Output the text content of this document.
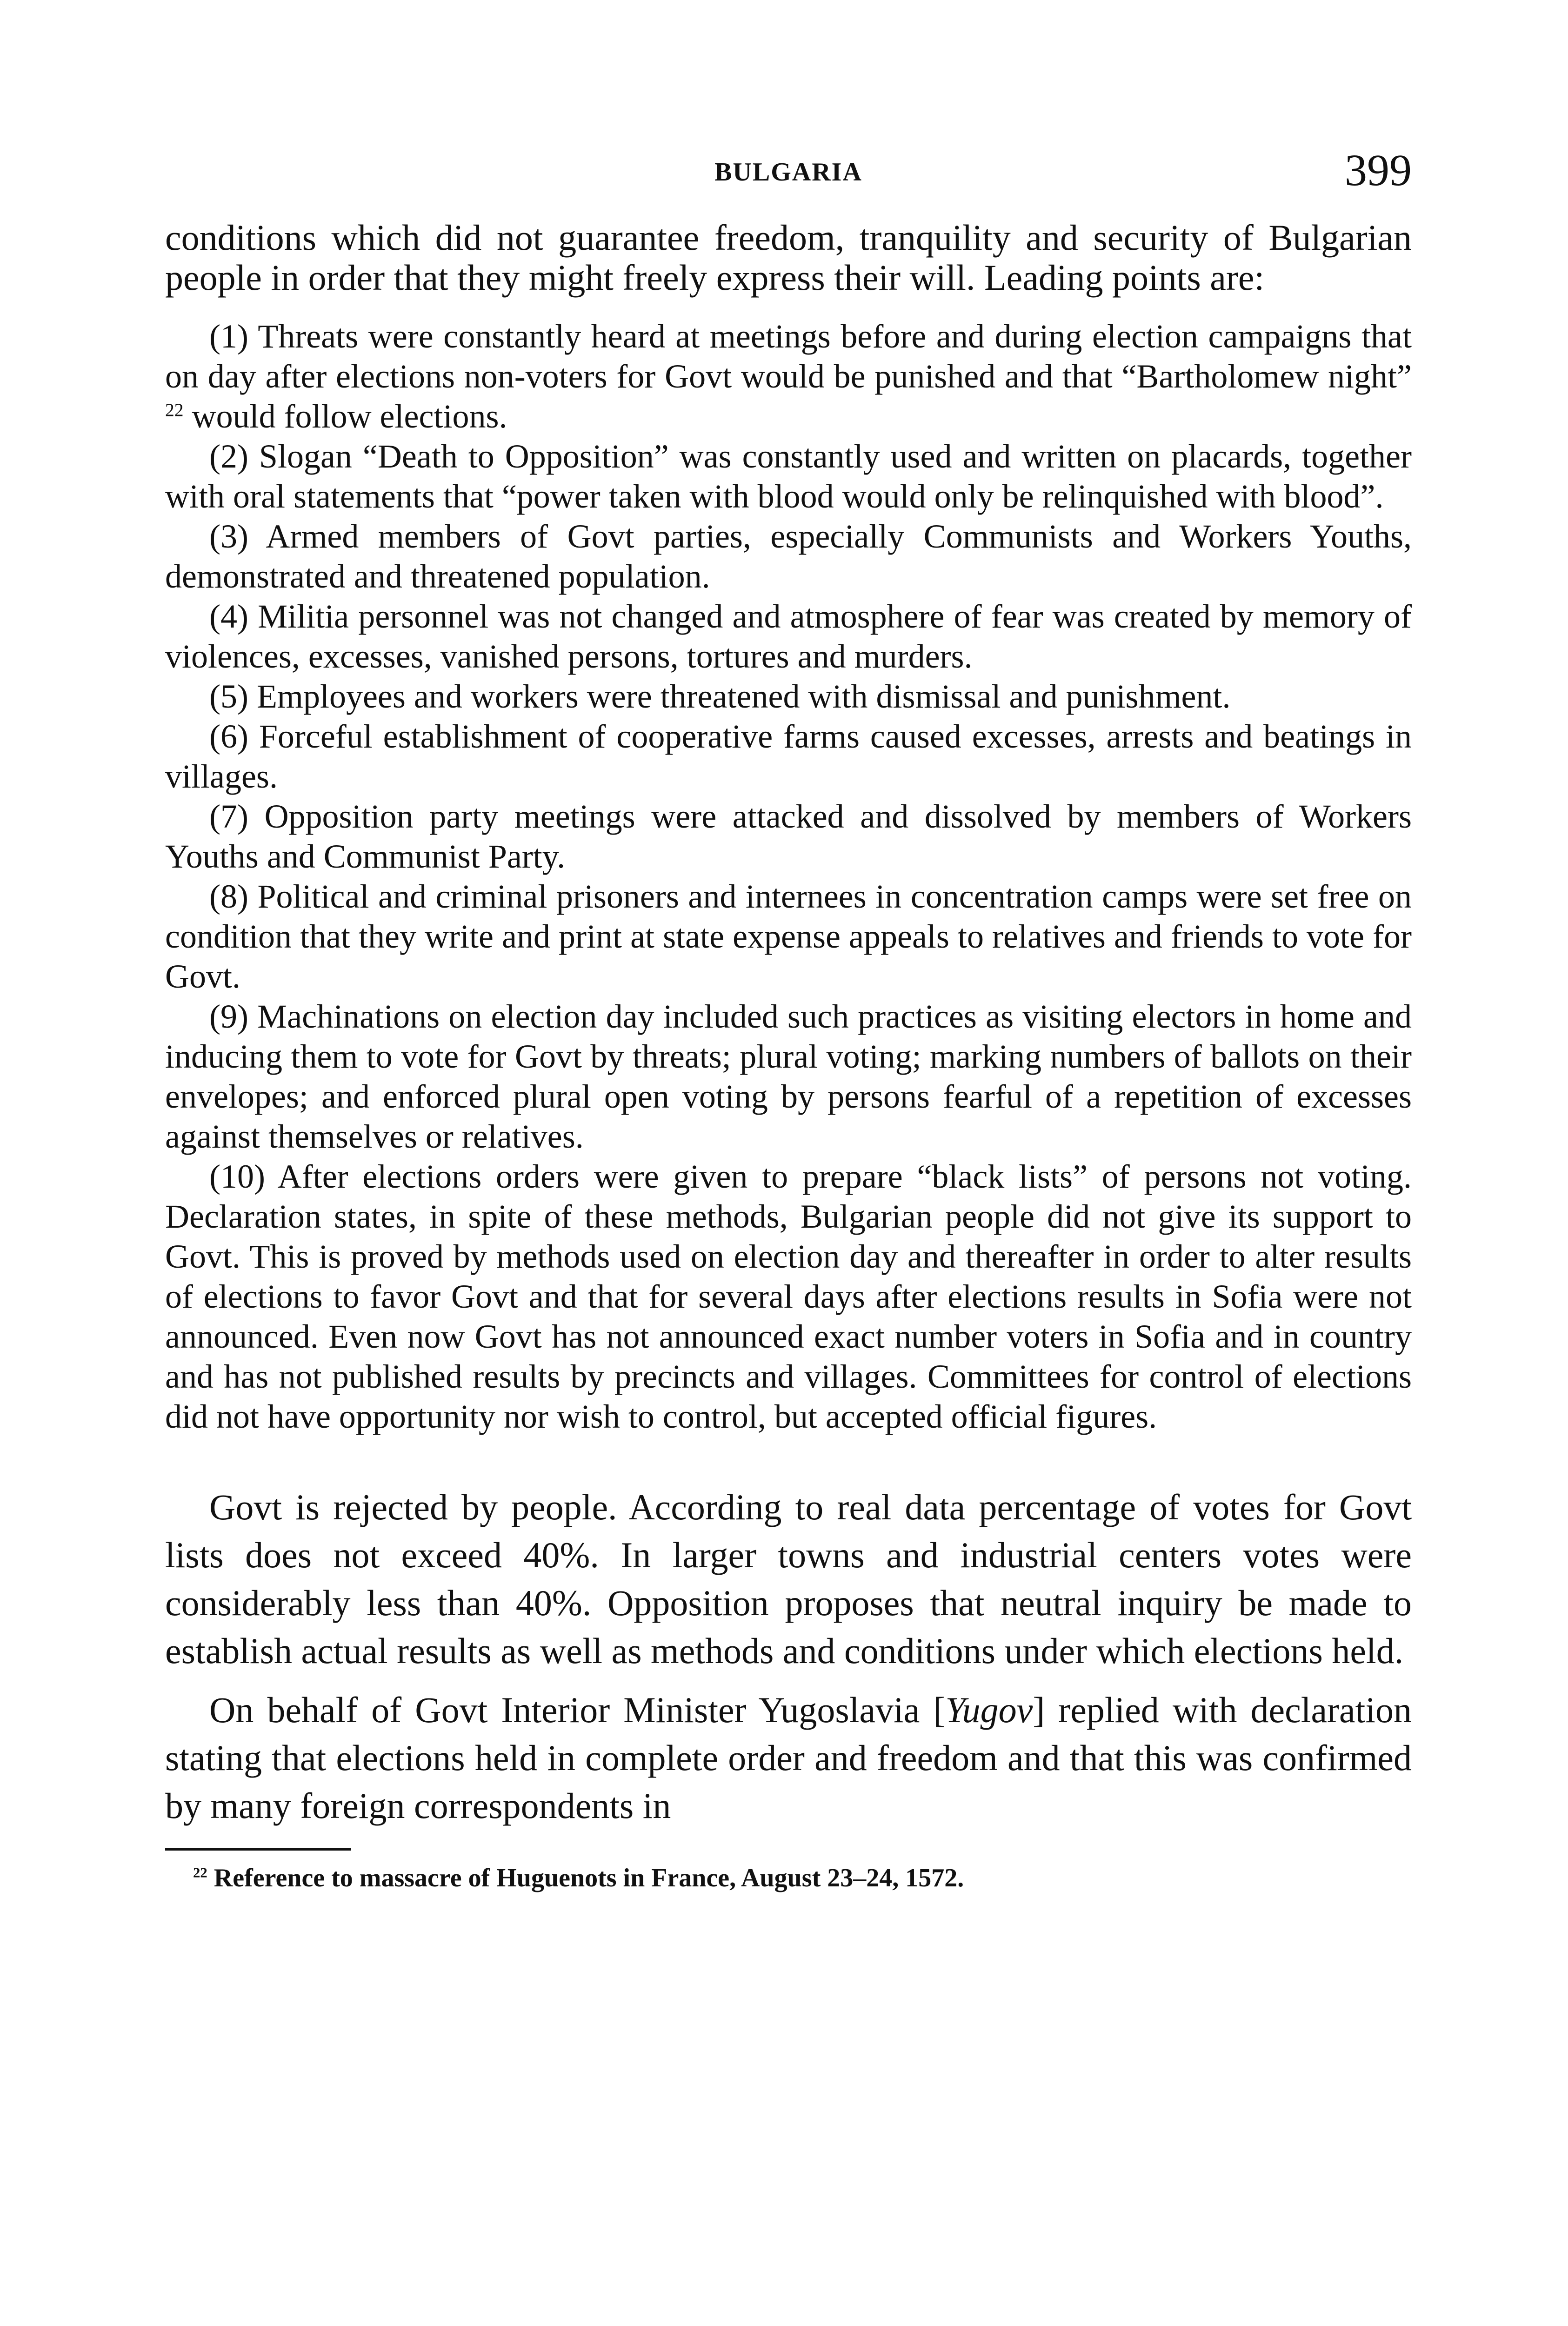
BULGARIA	399

conditions which did not guarantee freedom, tranquility and security of Bulgarian people in order that they might freely express their will. Leading points are:

(1) Threats were constantly heard at meetings before and during election campaigns that on day after elections non-voters for Govt would be punished and that “Bartholomew night” $^{22}$ would follow elections.

(2) Slogan “Death to Opposition” was constantly used and written on placards, together with oral statements that “power taken with blood would only be relinquished with blood”.

(3) Armed members of Govt parties, especially Communists and Workers Youths, demonstrated and threatened population.

(4) Militia personnel was not changed and atmosphere of fear was created by memory of violences, excesses, vanished persons, tortures and murders.

(5) Employees and workers were threatened with dismissal and punishment.

(6) Forceful establishment of cooperative farms caused excesses, arrests and beatings in villages.

(7) Opposition party meetings were attacked and dissolved by members of Workers Youths and Communist Party.

(8) Political and criminal prisoners and internees in concentration camps were set free on condition that they write and print at state expense appeals to relatives and friends to vote for Govt.

(9) Machinations on election day included such practices as visiting electors in home and inducing them to vote for Govt by threats; plural voting; marking numbers of ballots on their envelopes; and enforced plural open voting by persons fearful of a repetition of excesses against themselves or relatives.

(10) After elections orders were given to prepare “black lists” of persons not voting. Declaration states, in spite of these methods, Bulgarian people did not give its support to Govt. This is proved by methods used on election day and thereafter in order to alter results of elections to favor Govt and that for several days after elections results in Sofia were not announced. Even now Govt has not announced exact number voters in Sofia and in country and has not published results by precincts and villages. Committees for control of elections did not have opportunity nor wish to control, but accepted official figures.

Govt is rejected by people. According to real data percentage of votes for Govt lists does not exceed 40%. In larger towns and industrial centers votes were considerably less than 40%. Opposition proposes that neutral inquiry be made to establish actual results as well as methods and conditions under which elections held.

On behalf of Govt Interior Minister Yugoslavia [Yugov] replied with declaration stating that elections held in complete order and freedom and that this was confirmed by many foreign correspondents in

$^{22}$ Reference to massacre of Huguenots in France, August 23–24, 1572.
